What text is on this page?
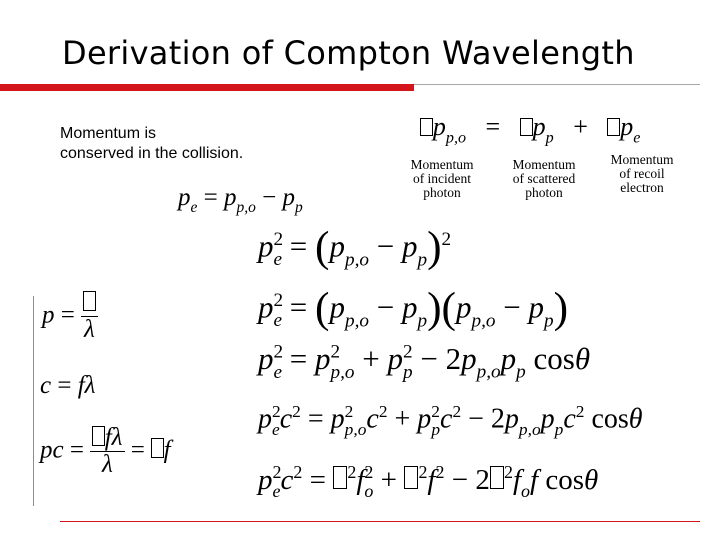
Derivation of Compton Wavelength
Momentum is
conserved in the collision.
$p_{p,o} = p_p + p_e$
Momentum
of incident
photon
Momentum
of scattered
photon
Momentum
of recoil
electron
$p_e = p_{p,o} - p_p$
$p^2_e = (p_{p,o} - p_p)^2$
$p^2_e = (p_{p,o} - p_p)(p_{p,o} - p_p)$
$p^2_e = p^2_{p,o} + p^2_p - 2p_{p,o}p_p$ cosθ
$p^2_ec^2 = p^2_{p,o}c^2 + p^2_pc^2 - 2p_{p,o}p_pc^2$ cosθ
$p^2_ec^2 = ^2f^2_o + ^2f^2 - 2$ $^2f_of$ cosθ
p =
λ
c = fλ
pc = $\frac{f\lambda}{\lambda} = f$
